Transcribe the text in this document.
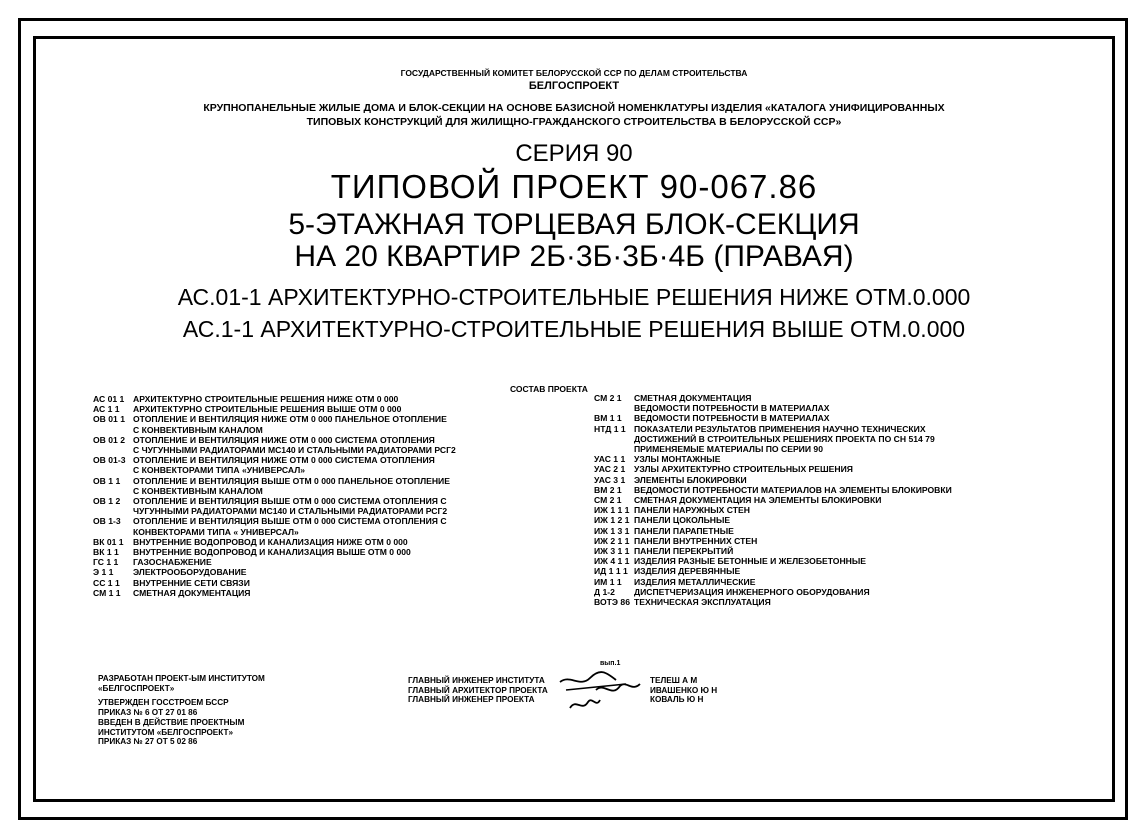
ГОСУДАРСТВЕННЫЙ КОМИТЕТ БЕЛОРУССКОЙ ССР ПО ДЕЛАМ СТРОИТЕЛЬСТВА
БЕЛГОСПРОЕКТ
КРУПНОПАНЕЛЬНЫЕ ЖИЛЫЕ ДОМА И БЛОК-СЕКЦИИ НА ОСНОВЕ БАЗИСНОЙ НОМЕНКЛАТУРЫ ИЗДЕЛИЯ «КАТАЛОГА УНИФИЦИРОВАННЫХ
ТИПОВЫХ КОНСТРУКЦИЙ ДЛЯ ЖИЛИЩНО-ГРАЖДАНСКОГО СТРОИТЕЛЬСТВА В БЕЛОРУССКОЙ ССР»
СЕРИЯ 90
ТИПОВОЙ ПРОЕКТ 90-067.86
5-ЭТАЖНАЯ ТОРЦЕВАЯ БЛОК-СЕКЦИЯ
НА 20 КВАРТИР 2Б·3Б·3Б·4Б (ПРАВАЯ)
АС.01-1 АРХИТЕКТУРНО-СТРОИТЕЛЬНЫЕ РЕШЕНИЯ НИЖЕ ОТМ.0.000
АС.1-1 АРХИТЕКТУРНО-СТРОИТЕЛЬНЫЕ РЕШЕНИЯ ВЫШЕ ОТМ.0.000
СОСТАВ ПРОЕКТА
АС 01 1	АРХИТЕКТУРНО СТРОИТЕЛЬНЫЕ РЕШЕНИЯ НИЖЕ ОТМ 0 000
АС 1 1	АРХИТЕКТУРНО СТРОИТЕЛЬНЫЕ РЕШЕНИЯ ВЫШЕ ОТМ 0 000
ОВ 01 1 ОТОПЛЕНИЕ И ВЕНТИЛЯЦИЯ НИЖЕ ОТМ 0 000 ПАНЕЛЬНОЕ ОТОПЛЕНИЕ
С КОНВЕКТИВНЫМ КАНАЛОМ
ОВ 01 2 ОТОПЛЕНИЕ И ВЕНТИЛЯЦИЯ НИЖЕ ОТМ 0 000 СИСТЕМА ОТОПЛЕНИЯ
С ЧУГУННЫМИ РАДИАТОРАМИ МС140 И СТАЛЬНЫМИ РАДИАТОРАМИ РСГ2
ОВ 01-3 ОТОПЛЕНИЕ И ВЕНТИЛЯЦИЯ НИЖЕ ОТМ 0 000 СИСТЕМА ОТОПЛЕНИЯ
С КОНВЕКТОРАМИ ТИПА «УНИВЕРСАЛ»
ОВ 1 1	ОТОПЛЕНИЕ И ВЕНТИЛЯЦИЯ ВЫШЕ ОТМ 0 000 ПАНЕЛЬНОЕ ОТОПЛЕНИЕ
С КОНВЕКТИВНЫМ КАНАЛОМ
ОВ 1 2	ОТОПЛЕНИЕ И ВЕНТИЛЯЦИЯ ВЫШЕ ОТМ 0 000 СИСТЕМА ОТОПЛЕНИЯ С
ЧУГУННЫМИ РАДИАТОРАМИ МС140 И СТАЛЬНЫМИ РАДИАТОРАМИ РСГ2
ОВ 1-3	ОТОПЛЕНИЕ И ВЕНТИЛЯЦИЯ ВЫШЕ ОТМ 0 000 СИСТЕМА ОТОПЛЕНИЯ С
КОНВЕКТОРАМИ ТИПА « УНИВЕРСАЛ»
ВК 01 1	ВНУТРЕННИЕ ВОДОПРОВОД И КАНАЛИЗАЦИЯ НИЖЕ ОТМ 0 000
ВК 1 1	ВНУТРЕННИЕ ВОДОПРОВОД И КАНАЛИЗАЦИЯ ВЫШЕ ОТМ 0 000
ГС 1 1	ГАЗОСНАБЖЕНИЕ
Э 1 1	ЭЛЕКТРООБОРУДОВАНИЕ
СС 1 1	ВНУТРЕННИЕ СЕТИ СВЯЗИ
СМ 1 1	СМЕТНАЯ ДОКУМЕНТАЦИЯ
СМ 2 1	СМЕТНАЯ ДОКУМЕНТАЦИЯ
ВЕДОМОСТИ ПОТРЕБНОСТИ В МАТЕРИАЛАХ
ВМ 1 1	ВЕДОМОСТИ ПОТРЕБНОСТИ В МАТЕРИАЛАХ
НТД 1 1 ПОКАЗАТЕЛИ РЕЗУЛЬТАТОВ ПРИМЕНЕНИЯ НАУЧНО ТЕХНИЧЕСКИХ
ДОСТИЖЕНИЙ В СТРОИТЕЛЬНЫХ РЕШЕНИЯХ ПРОЕКТА ПО СН 514 79
ПРИМЕНЯЕМЫЕ МАТЕРИАЛЫ ПО СЕРИИ 90
УАС 1 1	УЗЛЫ МОНТАЖНЫЕ
УАС 2 1	УЗЛЫ АРХИТЕКТУРНО СТРОИТЕЛЬНЫХ РЕШЕНИЯ
УАС 3 1	ЭЛЕМЕНТЫ БЛОКИРОВКИ
ВМ 2 1	ВЕДОМОСТИ ПОТРЕБНОСТИ МАТЕРИАЛОВ НА ЭЛЕМЕНТЫ БЛОКИРОВКИ
СМ 2 1	СМЕТНАЯ ДОКУМЕНТАЦИЯ НА ЭЛЕМЕНТЫ БЛОКИРОВКИ
ИЖ 1 1 1 ПАНЕЛИ НАРУЖНЫХ СТЕН
ИЖ 1 2 1 ПАНЕЛИ ЦОКОЛЬНЫЕ
ИЖ 1 3 1 ПАНЕЛИ ПАРАПЕТНЫЕ
ИЖ 2 1 1 ПАНЕЛИ ВНУТРЕННИХ СТЕН
ИЖ 3 1 1 ПАНЕЛИ ПЕРЕКРЫТИЙ
ИЖ 4 1 1 ИЗДЕЛИЯ РАЗНЫЕ БЕТОННЫЕ И ЖЕЛЕЗОБЕТОННЫЕ
ИД 1 1 1 ИЗДЕЛИЯ ДЕРЕВЯННЫЕ
ИМ 1 1	ИЗДЕЛИЯ МЕТАЛЛИЧЕСКИЕ
Д 1-2	ДИСПЕТЧЕРИЗАЦИЯ ИНЖЕНЕРНОГО ОБОРУДОВАНИЯ
ВОТЭ 86 ТЕХНИЧЕСКАЯ ЭКСПЛУАТАЦИЯ
вып.1
РАЗРАБОТАН ПРОЕКТ-ЫМ ИНСТИТУТОМ
«БЕЛГОСПРОЕКТ»
УТВЕРЖДЕН ГОССТРОЕМ БССР
ПРИКАЗ № 6 ОТ 27 01 86
ВВЕДЕН В ДЕЙСТВИЕ ПРОЕКТНЫМ
ИНСТИТУТОМ «БЕЛГОСПРОЕКТ»
ПРИКАЗ № 27 ОТ 5 02 86
ГЛАВНЫЙ ИНЖЕНЕР ИНСТИТУТА
ГЛАВНЫЙ АРХИТЕКТОР ПРОЕКТА
ГЛАВНЫЙ ИНЖЕНЕР ПРОЕКТА
ТЕЛЕШ А М
ИВАШЕНКО Ю Н
КОВАЛЬ Ю Н
